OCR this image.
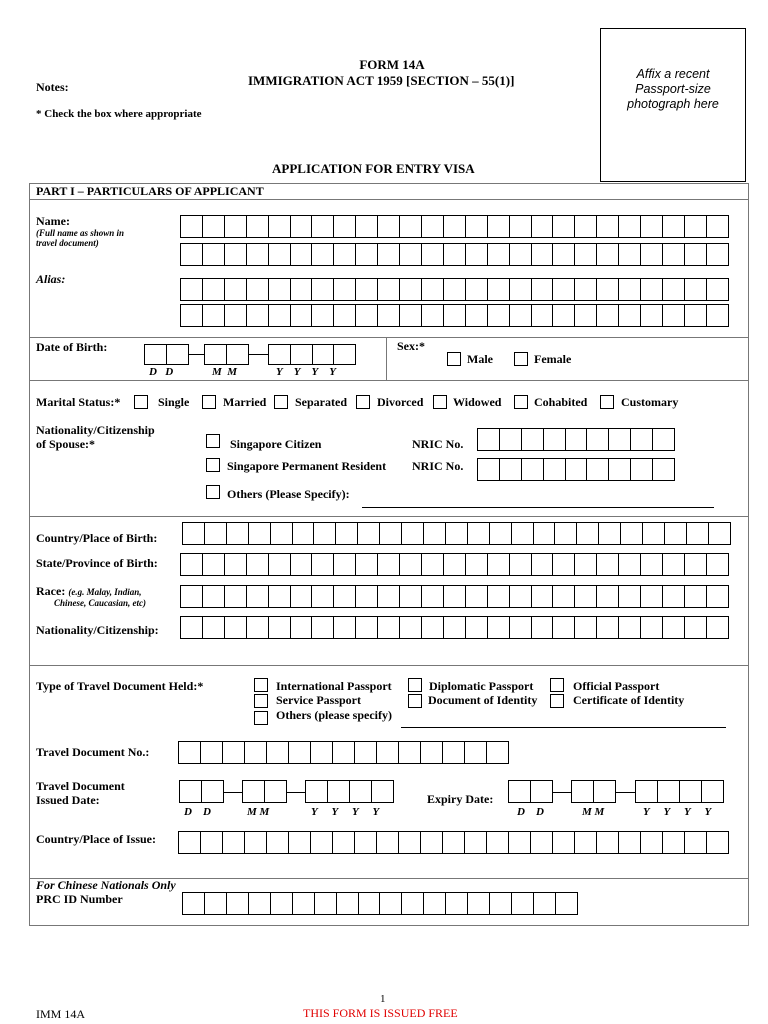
FORM 14A
IMMIGRATION ACT 1959 [SECTION – 55(1)]
Notes:
* Check the box where appropriate
Affix a recent
Passport-size
photograph here
APPLICATION FOR ENTRY VISA
PART I – PARTICULARS OF APPLICANT
Name:
(Full name as shown in
travel document)
Alias:
Date of Birth:
D D	M M	Y Y Y Y
Sex:*
Male	Female
Marital Status:*	Single	Married Separated	Divorced Widowed	Cohabited	Customary
Nationality/Citizenship
of Spouse:*	Singapore Citizen	NRIC No.
Singapore Permanent Resident NRIC No.
Others (Please Specify):
Country/Place of Birth:
State/Province of Birth:
Race: (e.g. Malay, Indian,
Chinese, Caucasian, etc)
Nationality/Citizenship:
Type of Travel Document Held:*	International Passport	Diplomatic Passport	Official Passport
Service Passport	Document of Identity	Certificate of Identity
Others (please specify)
Travel Document No.:
Travel Document
Issued Date:
D D	M M	Y Y Y Y
Expiry Date:
D D	M M	Y Y Y Y
Country/Place of Issue:
For Chinese Nationals Only
PRC ID Number
1
IMM 14A	THIS FORM IS ISSUED FREE
